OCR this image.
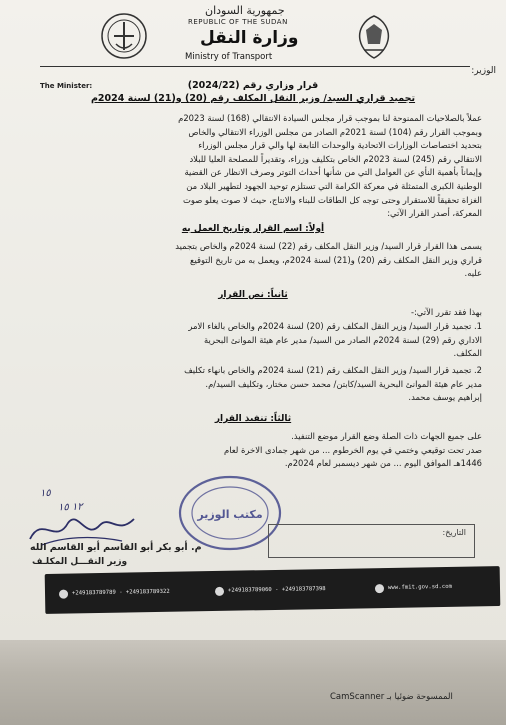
جمهورية السودان
REPUBLIC OF THE SUDAN
وزارة النقل
Ministry of Transport
الوزير:
The Minister:	قرار وزاري رقم (2024/22)
تجميد قراري السيد/ وزير النقل المكلف رقم (20) و(21) لسنة 2024م
عملاً بالصلاحيات الممنوحة لنا بموجب قرار مجلس السيادة الانتقالي (168) لسنة 2023م
وبموجب القرار رقم (104) لسنة 2021م الصادر من مجلس الوزراء الانتقالي والخاص
بتحديد اختصاصات الوزارات الاتحادية والوحدات التابعة لها والي قرار مجلس الوزراء
الانتقالي رقم (245) لسنة 2023م الخاص بتكليف وزراء، وتقديراً للمصلحة العليا للبلاد
وإيماناً بأهمية النأي عن العوامل التي من شأنها أحداث التوتر وصرف الانظار عن القضية
الوطنية الكبرى المتمثلة في معركة الكرامة التي تستلزم توحيد الجهود لتطهير البلاد من
الغزاة تحقيقاً للاستقرار وحتى توجه كل الطاقات للبناء والانتاج، حيث لا صوت يعلو صوت
المعركة، أصدر القرار الآتي:
أولاً: اسم القرار وتاريخ العمل به
يسمى هذا القرار قرار السيد/ وزير النقل المكلف رقم (22) لسنة 2024م والخاص بتجميد
قراري وزير النقل المكلف رقم (20) و(21) لسنة 2024م، ويعمل به من تاريخ التوقيع
عليه.
ثانياً: نص القرار
بهذا فقد تقرر الآتي:-
1. تجميد قرار السيد/ وزير النقل المكلف رقم (20) لسنة 2024م والخاص بالغاء الامر
الاداري رقم (29) لسنة 2024م الصادر من السيد/ مدير عام هيئة الموانئ البحرية
المكلف.
2. تجميد قرار السيد/ وزير النقل المكلف رقم (21) لسنة 2024م والخاص بانهاء تكليف
مدير عام هيئة الموانئ البحرية السيد/كابتن/ محمد حسن مختار، وتكليف السيد/م.
إبراهيم يوسف محمد.
ثالثاً: تنفيذ القرار
على جميع الجهات ذات الصلة وضع القرار موضع التنفيذ.
صدر تحت توقيعي وختمي في يوم الخرطوم ... من شهر جمادى الاخرة لعام
1446هـ الموافق اليوم ... من شهر ديسمبر لعام 2024م.
مكتب الوزير
١٥
١٢ ١٥
م. أبو بكر أبو القاسم أبو القاسم الله
وزير النقـــل المكلـف
التاريخ:
+249183789789 - +249183789322	+249183789060 - +249183787398	www.fmit.gov.sd.com
الممسوحة ضوئيا بـ CamScanner
